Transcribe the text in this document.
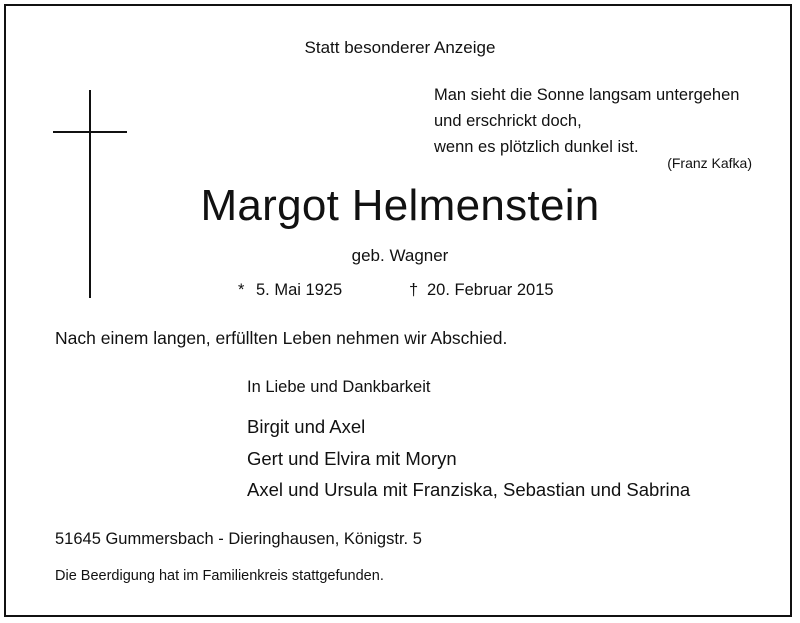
Statt besonderer Anzeige
Man sieht die Sonne langsam untergehen
und erschrickt doch,
wenn es plötzlich dunkel ist.
(Franz Kafka)
Margot Helmenstein
geb. Wagner
* 5. Mai 1925	† 20. Februar 2015
Nach einem langen, erfüllten Leben nehmen wir Abschied.
In Liebe und Dankbarkeit
Birgit und Axel
Gert und Elvira mit Moryn
Axel und Ursula mit Franziska, Sebastian und Sabrina
51645 Gummersbach - Dieringhausen, Königstr. 5
Die Beerdigung hat im Familienkreis stattgefunden.
